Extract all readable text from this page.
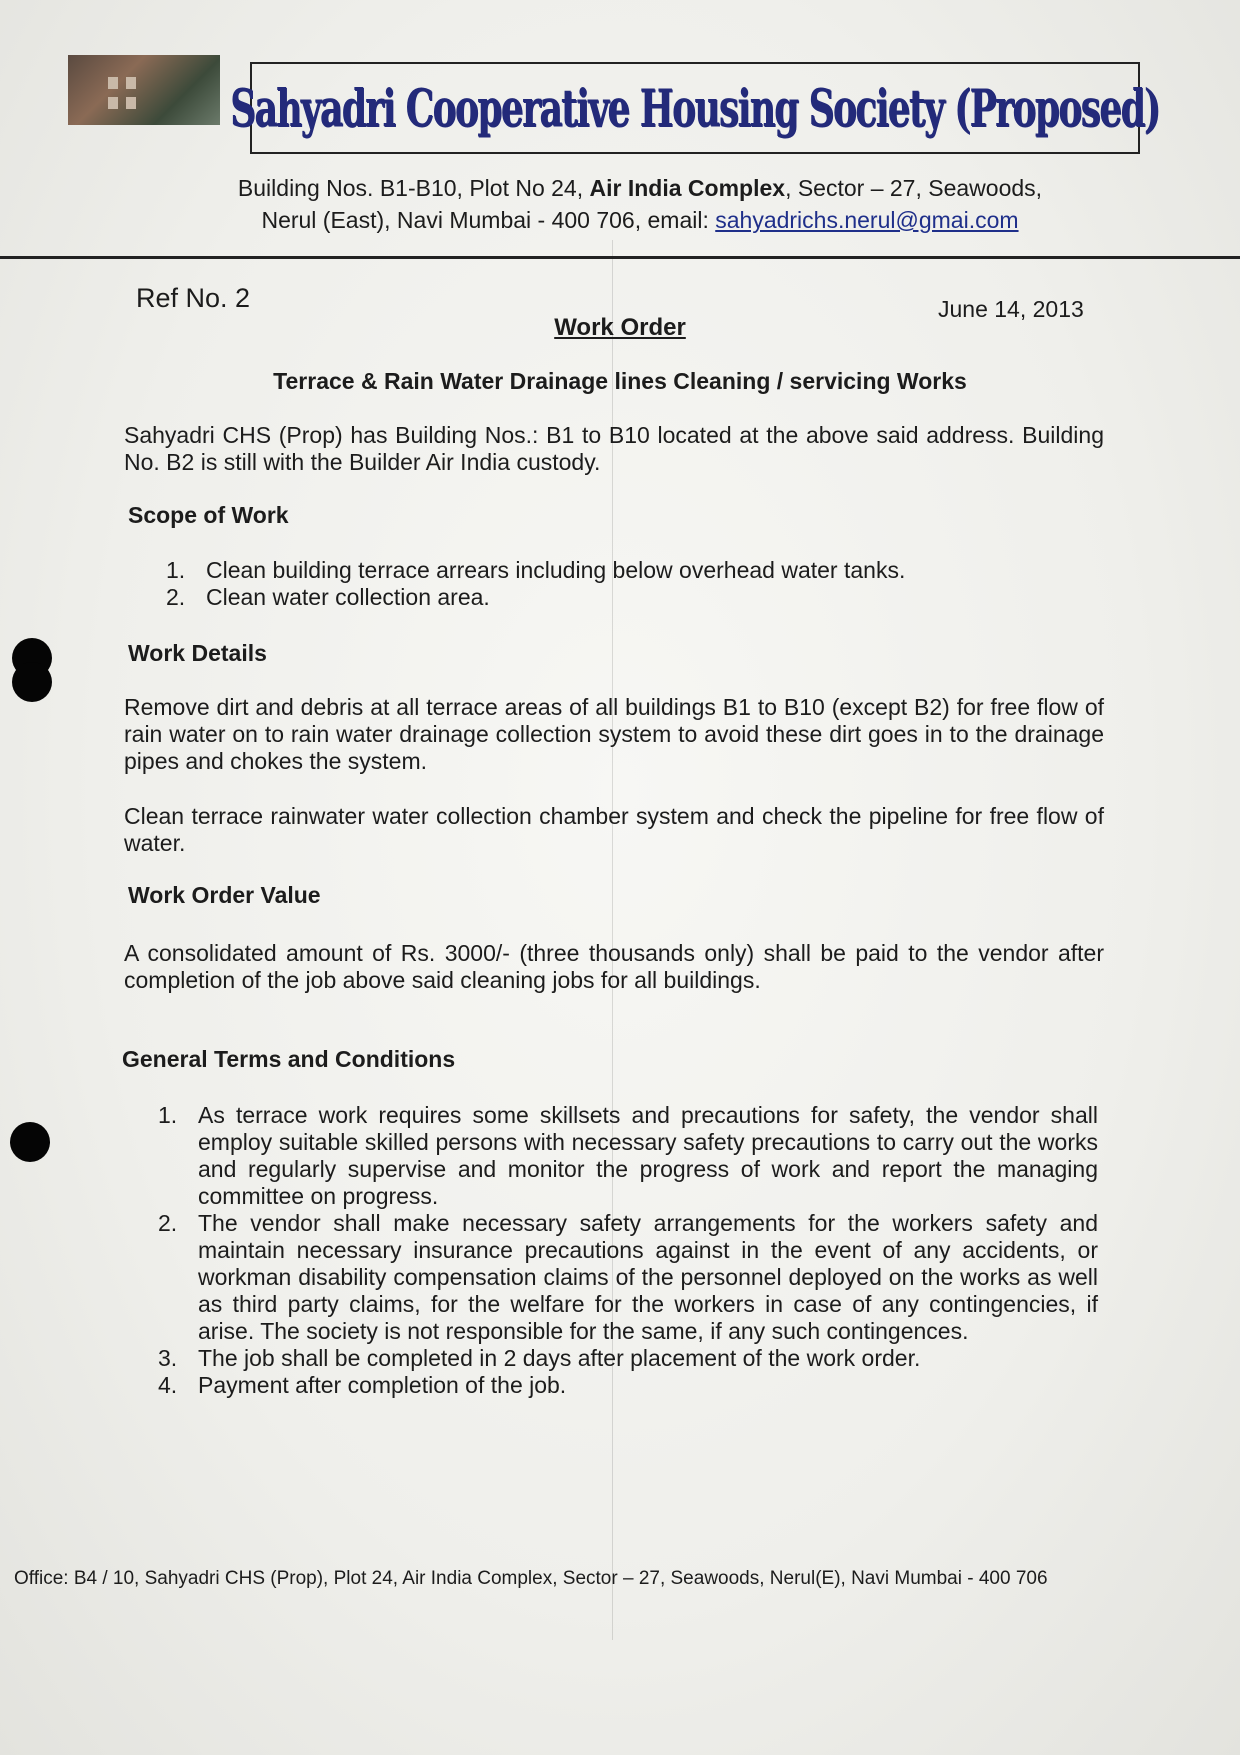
Sahyadri Cooperative Housing Society (Proposed)
Building Nos. B1-B10, Plot No 24, Air India Complex, Sector – 27, Seawoods,
Nerul (East), Navi Mumbai - 400 706, email: sahyadrichs.nerul@gmai.com
Ref No. 2	June 14, 2013
Work Order
Terrace & Rain Water Drainage lines Cleaning / servicing Works
Sahyadri CHS (Prop) has Building Nos.: B1 to B10 located at the above said address. Building No. B2 is still with the Builder Air India custody.
Scope of Work
1. Clean building terrace arrears including below overhead water tanks.
2. Clean water collection area.
Work Details
Remove dirt and debris at all terrace areas of all buildings B1 to B10 (except B2) for free flow of rain water on to rain water drainage collection system to avoid these dirt goes in to the drainage pipes and chokes the system.
Clean terrace rainwater water collection chamber system and check the pipeline for free flow of water.
Work Order Value
A consolidated amount of Rs. 3000/- (three thousands only) shall be paid to the vendor after completion of the job above said cleaning jobs for all buildings.
General Terms and Conditions
1. As terrace work requires some skillsets and precautions for safety, the vendor shall employ suitable skilled persons with necessary safety precautions to carry out the works and regularly supervise and monitor the progress of work and report the managing committee on progress.
2. The vendor shall make necessary safety arrangements for the workers safety and maintain necessary insurance precautions against in the event of any accidents, or workman disability compensation claims of the personnel deployed on the works as well as third party claims, for the welfare for the workers in case of any contingencies, if arise. The society is not responsible for the same, if any such contingences.
3. The job shall be completed in 2 days after placement of the work order.
4. Payment after completion of the job.
Office: B4 / 10, Sahyadri CHS (Prop), Plot 24, Air India Complex, Sector – 27, Seawoods, Nerul(E), Navi Mumbai - 400 706
